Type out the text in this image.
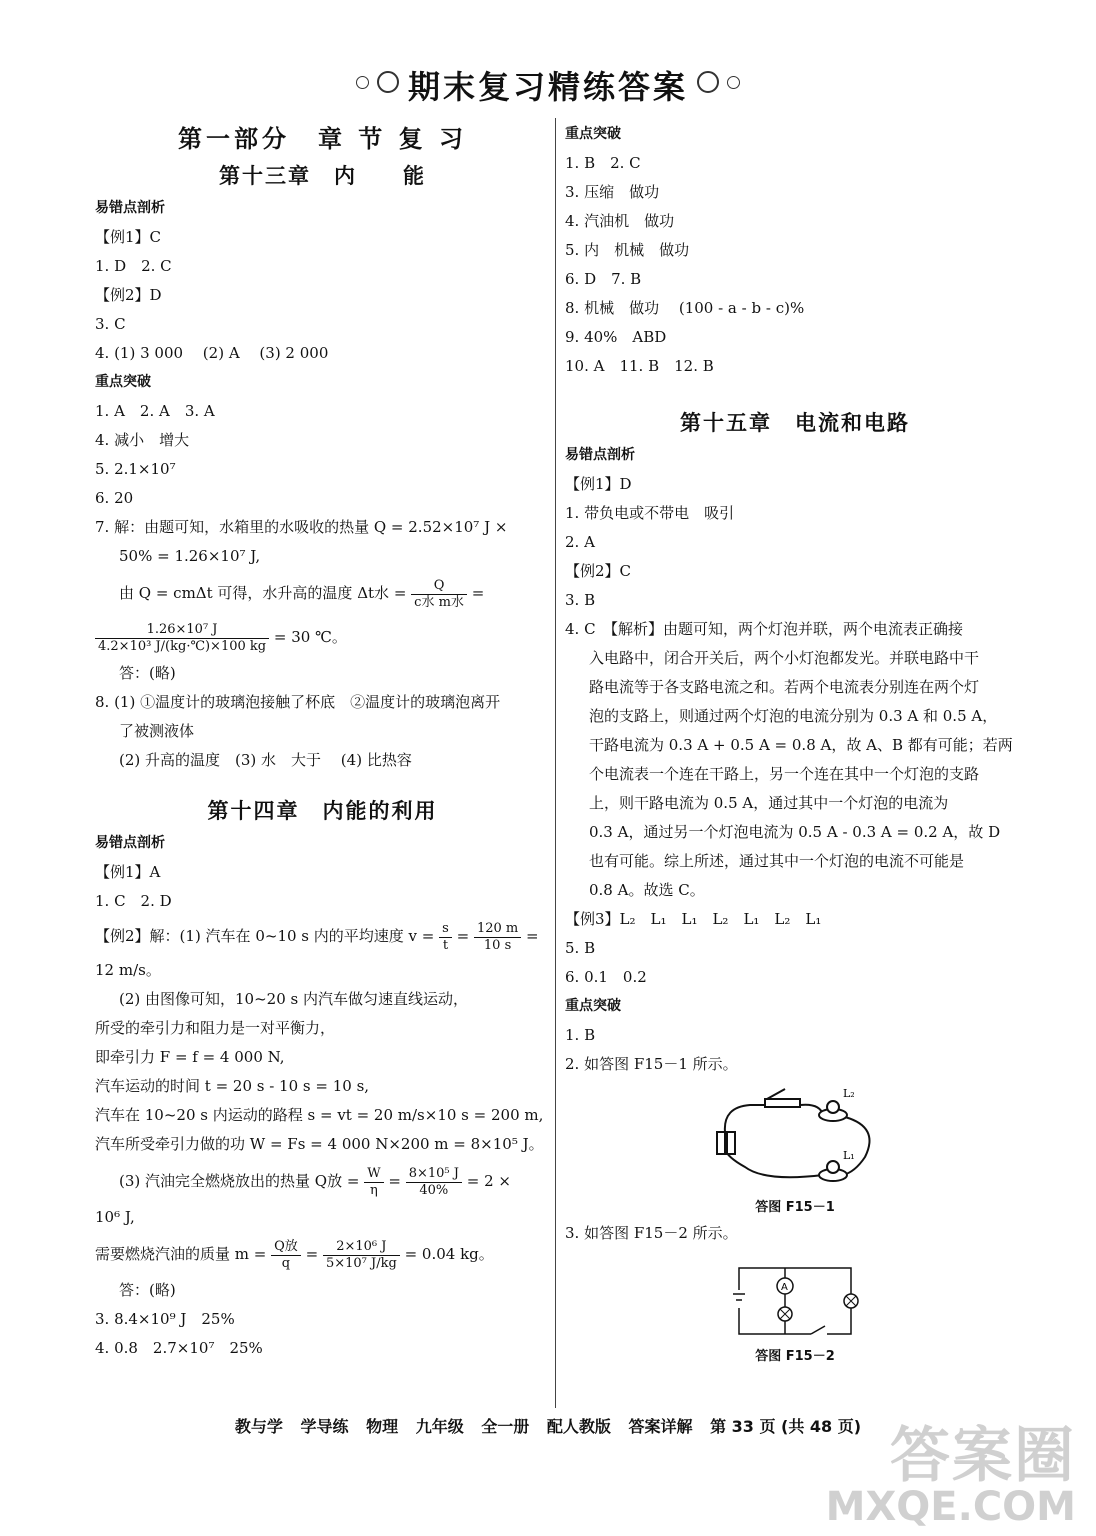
期末复习精练答案
第一部分　章 节 复 习
第十三章　内　　能
易错点剖析
【例1】C
1. D　2. C
【例2】D
3. C
4. (1) 3 000　 (2) A　 (3) 2 000
重点突破
1. A　2. A　3. A
4. 减小　增大
5. 2.1×10⁷
6. 20
7. 解：由题可知，水箱里的水吸收的热量 Q = 2.52×10⁷ J ×
50% = 1.26×10⁷ J,
由 Q = cmΔt 可得，水升高的温度 Δt水 = $\frac{Q}{\text{c水 m水}}$ =
$\frac{\text{1.26×10⁷ J}}{\text{4.2×10³ J/(kg·℃)×100 kg}} = 30$ ℃。
答：(略)
8. (1) ①温度计的玻璃泡接触了杯底　②温度计的玻璃泡离开
了被测液体
(2) 升高的温度　(3) 水　大于　 (4) 比热容
第十四章　内能的利用
易错点剖析
【例1】A
1. C　2. D
【例2】解：(1) 汽车在 0~10 s 内的平均速度 $v = \frac{s}{t} = \frac{120 m}{10 s}$ =
12 m/s。
(2) 由图像可知，10~20 s 内汽车做匀速直线运动，
所受的牵引力和阻力是一对平衡力，
即牵引力 F = f = 4 000 N,
汽车运动的时间 t = 20 s - 10 s = 10 s,
汽车在 10~20 s 内运动的路程 s = vt = 20 m/s×10 s = 200 m,
汽车所受牵引力做的功 W = Fs = 4 000 N×200 m = 8×10⁵ J。
(3) 汽油完全燃烧放出的热量 Q放 = $\frac{W}{\eta} = \frac{\text{8×10⁵ J}}{40\%} = 2$ ×
10⁶ J,
需要燃烧汽油的质量 $m = \frac{\text{Q放}}{q} = \frac{\text{2×10⁶ J}}{\text{5×10⁷ J/kg}} = 0.04$ kg。
答：(略)
3. 8.4×10⁹ J　25%
4. 0.8　2.7×10⁷　25%
重点突破
1. B　2. C
3. 压缩　做功
4. 汽油机　做功
5. 内　机械　做功
6. D　7. B
8. 机械　做功　 (100 - a - b - c)%
9. 40%　ABD
10. A　11. B　12. B
第十五章　电流和电路
易错点剖析
【例1】D
1. 带负电或不带电　吸引
2. A
【例2】C
3. B
4. C　【解析】由题可知，两个灯泡并联，两个电流表正确接
入电路中，闭合开关后，两个小灯泡都发光。并联电路中干
路电流等于各支路电流之和。若两个电流表分别连在两个灯
泡的支路上，则通过两个灯泡的电流分别为 0.3 A 和 0.5 A，
干路电流为 0.3 A + 0.5 A = 0.8 A，故 A、B 都有可能；若两
个电流表一个连在干路上，另一个连在其中一个灯泡的支路
上，则干路电流为 0.5 A，通过其中一个灯泡的电流为
0.3 A，通过另一个灯泡电流为 0.5 A - 0.3 A = 0.2 A，故 D
也有可能。综上所述，通过其中一个灯泡的电流不可能是
0.8 A。故选 C。
【例3】L₂　L₁　L₁　L₂　L₁　L₂　L₁
5. B
6. 0.1　0.2
重点突破
1. B
2. 如答图 F15－1 所示。
L₂
L₁
答图 F15－1
3. 如答图 F15－2 所示。
A
答图 F15－2
教与学 学导练 物理 九年级 全一册 配人教版 答案详解 第 33 页 (共 48 页) 答案圈
MXQE.COM
